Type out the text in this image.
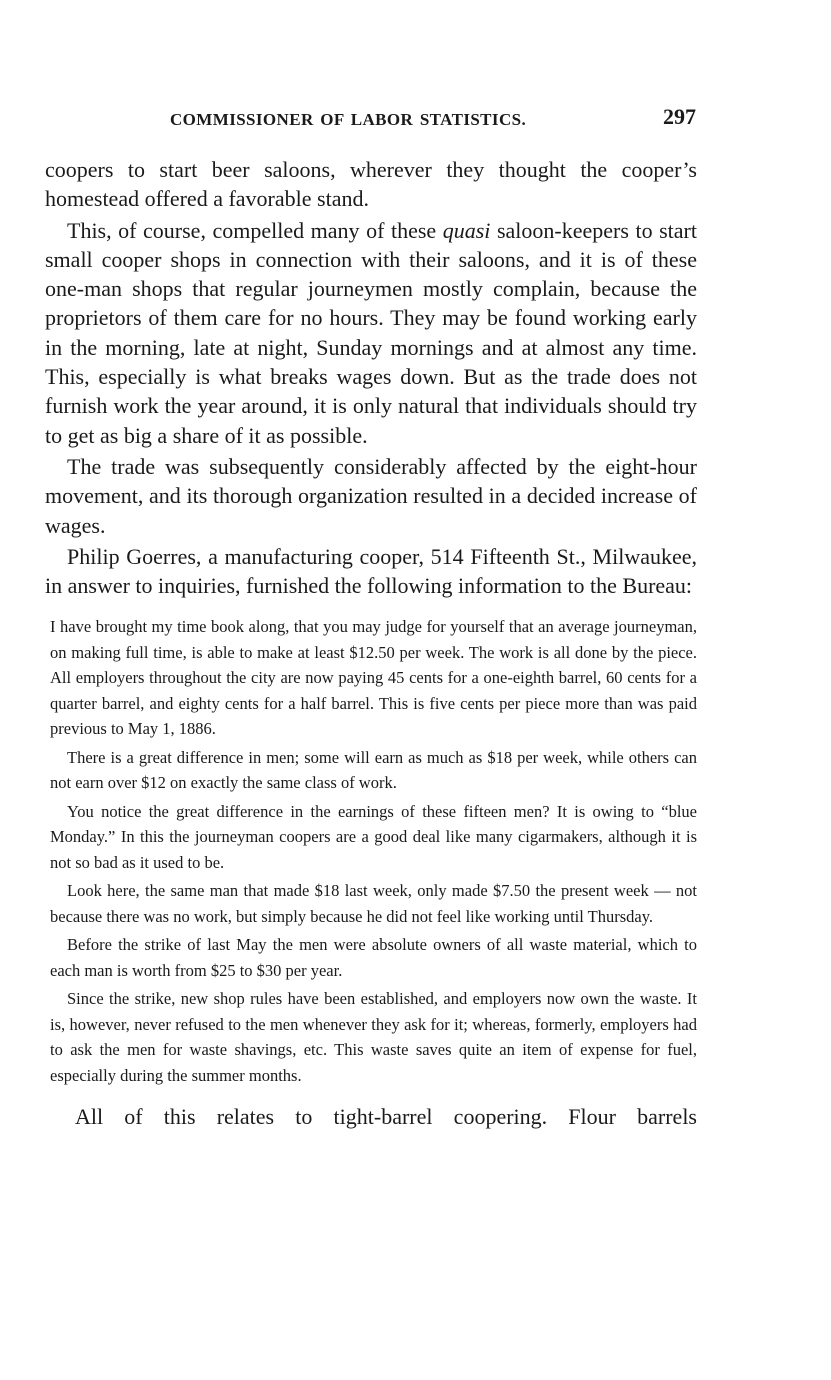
COMMISSIONER OF LABOR STATISTICS.	297

coopers to start beer saloons, wherever they thought the cooper’s homestead offered a favorable stand.

This, of course, compelled many of these quasi saloon-keepers to start small cooper shops in connection with their saloons, and it is of these one-man shops that regular journeymen mostly complain, because the proprietors of them care for no hours. They may be found working early in the morning, late at night, Sunday mornings and at almost any time. This, especially is what breaks wages down. But as the trade does not furnish work the year around, it is only natural that individuals should try to get as big a share of it as possible.

The trade was subsequently considerably affected by the eight-hour movement, and its thorough organization resulted in a decided increase of wages.

Philip Goerres, a manufacturing cooper, 514 Fifteenth St., Milwaukee, in answer to inquiries, furnished the following information to the Bureau:

I have brought my time book along, that you may judge for yourself that an average journeyman, on making full time, is able to make at least $12.50 per week. The work is all done by the piece. All employers throughout the city are now paying 45 cents for a one-eighth barrel, 60 cents for a quarter barrel, and eighty cents for a half barrel. This is five cents per piece more than was paid previous to May 1, 1886.

There is a great difference in men; some will earn as much as $18 per week, while others can not earn over $12 on exactly the same class of work.

You notice the great difference in the earnings of these fifteen men? It is owing to “blue Monday.” In this the journeyman coopers are a good deal like many cigarmakers, although it is not so bad as it used to be.

Look here, the same man that made $18 last week, only made $7.50 the present week — not because there was no work, but simply because he did not feel like working until Thursday.

Before the strike of last May the men were absolute owners of all waste material, which to each man is worth from $25 to $30 per year.

Since the strike, new shop rules have been established, and employers now own the waste. It is, however, never refused to the men whenever they ask for it; whereas, formerly, employers had to ask the men for waste shavings, etc. This waste saves quite an item of expense for fuel, especially during the summer months.

All of this relates to tight-barrel coopering. Flour barrels
